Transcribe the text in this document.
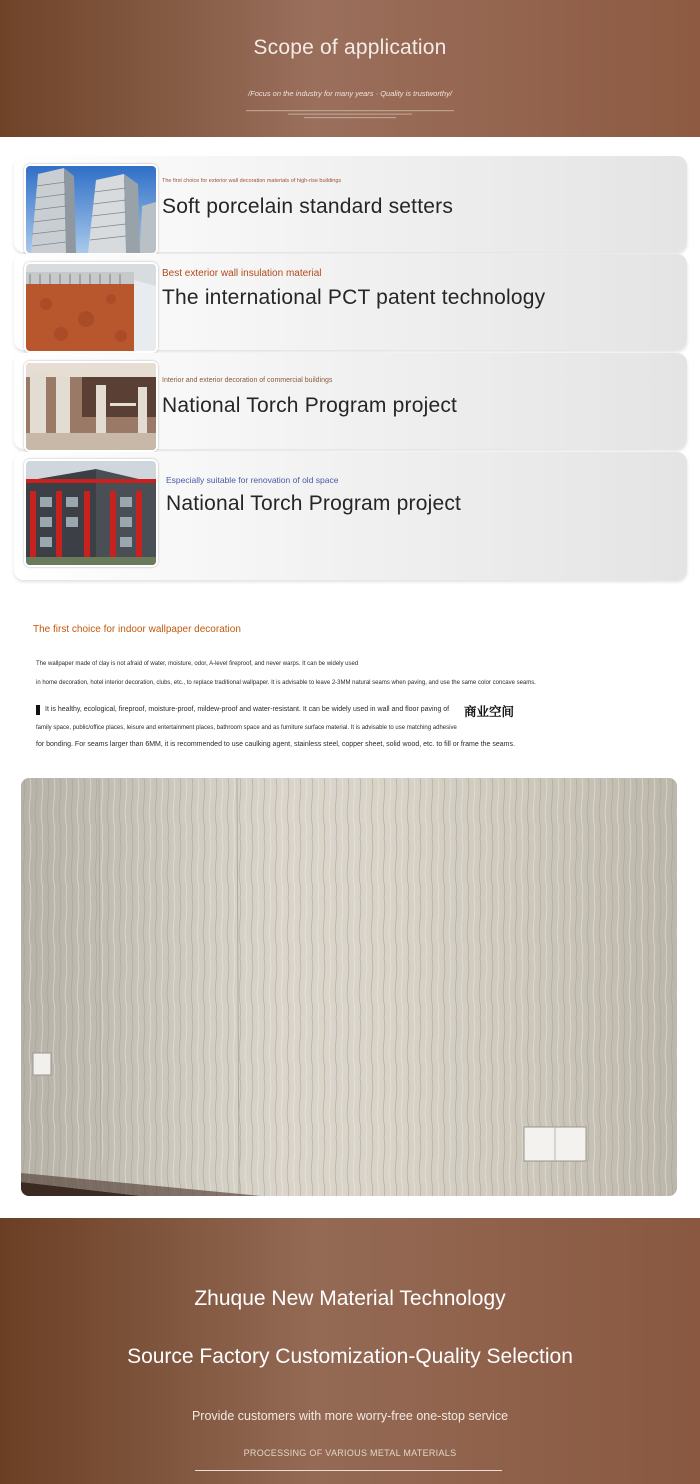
Scope of application
/Focus on the industry for many years · Quality is trustworthy/
The first choice for exterior wall decoration materials of high-rise buildings
Soft porcelain standard setters
Best exterior wall insulation material
The international PCT patent technology
Interior and exterior decoration of commercial buildings
National Torch Program project
Especially suitable for renovation of old space
National Torch Program project
The first choice for indoor wallpaper decoration
The wallpaper made of clay is not afraid of water, moisture, odor, A-level fireproof, and never warps. It can be widely used
in home decoration, hotel interior decoration, clubs, etc., to replace traditional wallpaper. It is advisable to leave 2-3MM natural seams when paving, and use the same color concave seams.
It is healthy, ecological, fireproof, moisture-proof, mildew-proof and water-resistant. It can be widely used in wall and floor paving of 商业空间
family space, public/office places, leisure and entertainment places, bathroom space and as furniture surface material. It is advisable to use matching adhesive
for bonding. For seams larger than 6MM, it is recommended to use caulking agent, stainless steel, copper sheet, solid wood, etc. to fill or frame the seams.
Zhuque New Material Technology
Source Factory Customization-Quality Selection
Provide customers with more worry-free one-stop service
PROCESSING OF VARIOUS METAL MATERIALS
